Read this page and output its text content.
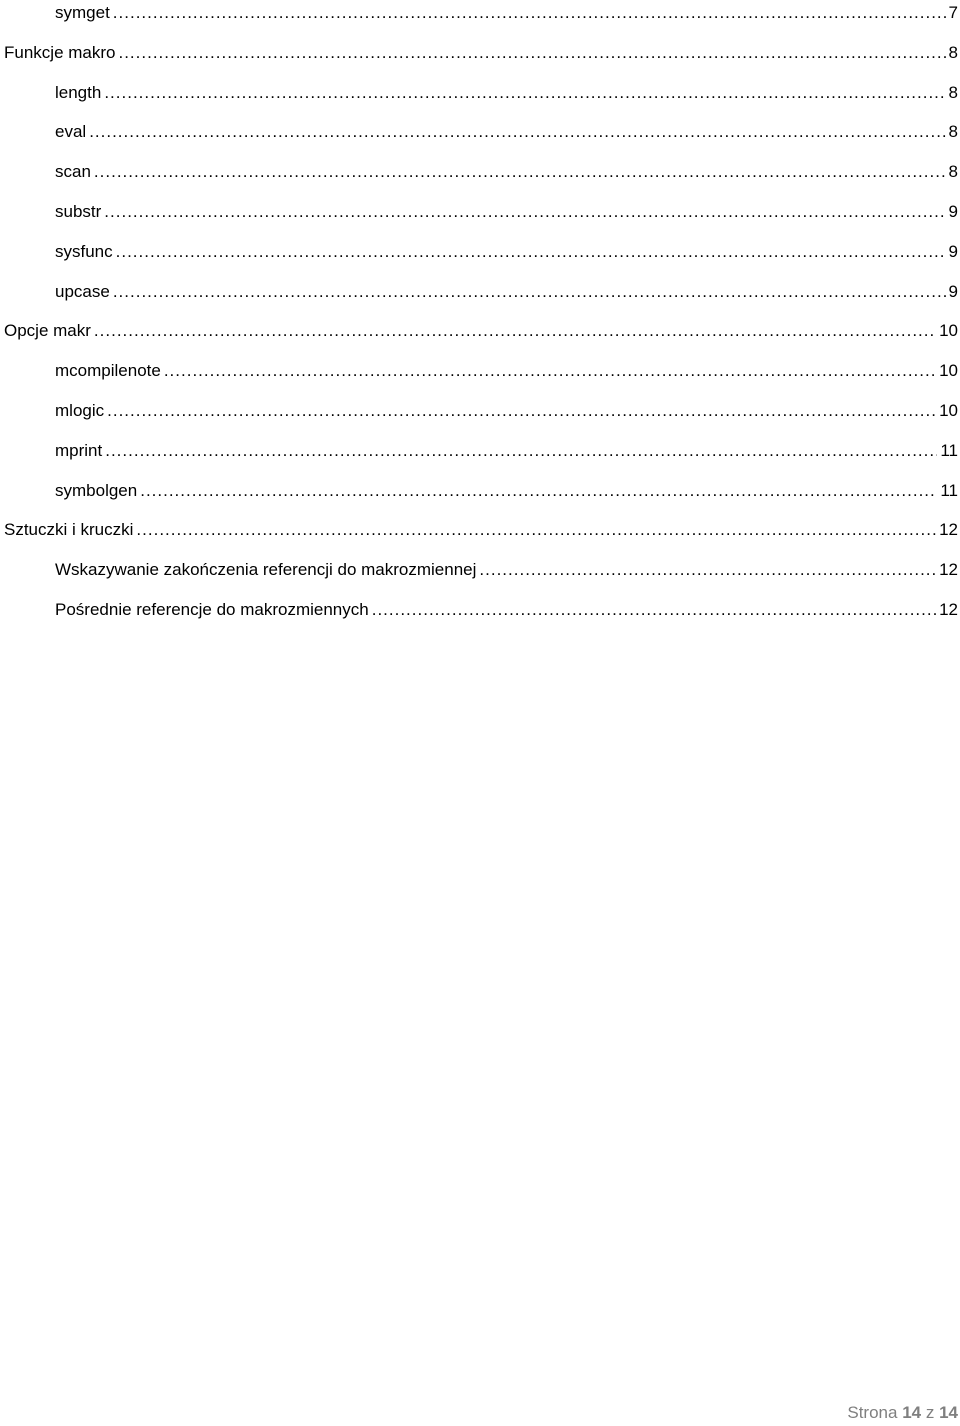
symget .....	7
Funkcje makro .....	8
length .....	8
eval .....	8
scan .....	8
substr .....	9
sysfunc .....	9
upcase .....	9
Opcje makr .....	10
mcompilenote .....	10
mlogic .....	10
mprint .....	11
symbolgen .....	11
Sztuczki i kruczki .....	12
Wskazywanie zakończenia referencji do makrozmiennej .....	12
Pośrednie referencje do makrozmiennych .....	12
Strona 14 z 14
